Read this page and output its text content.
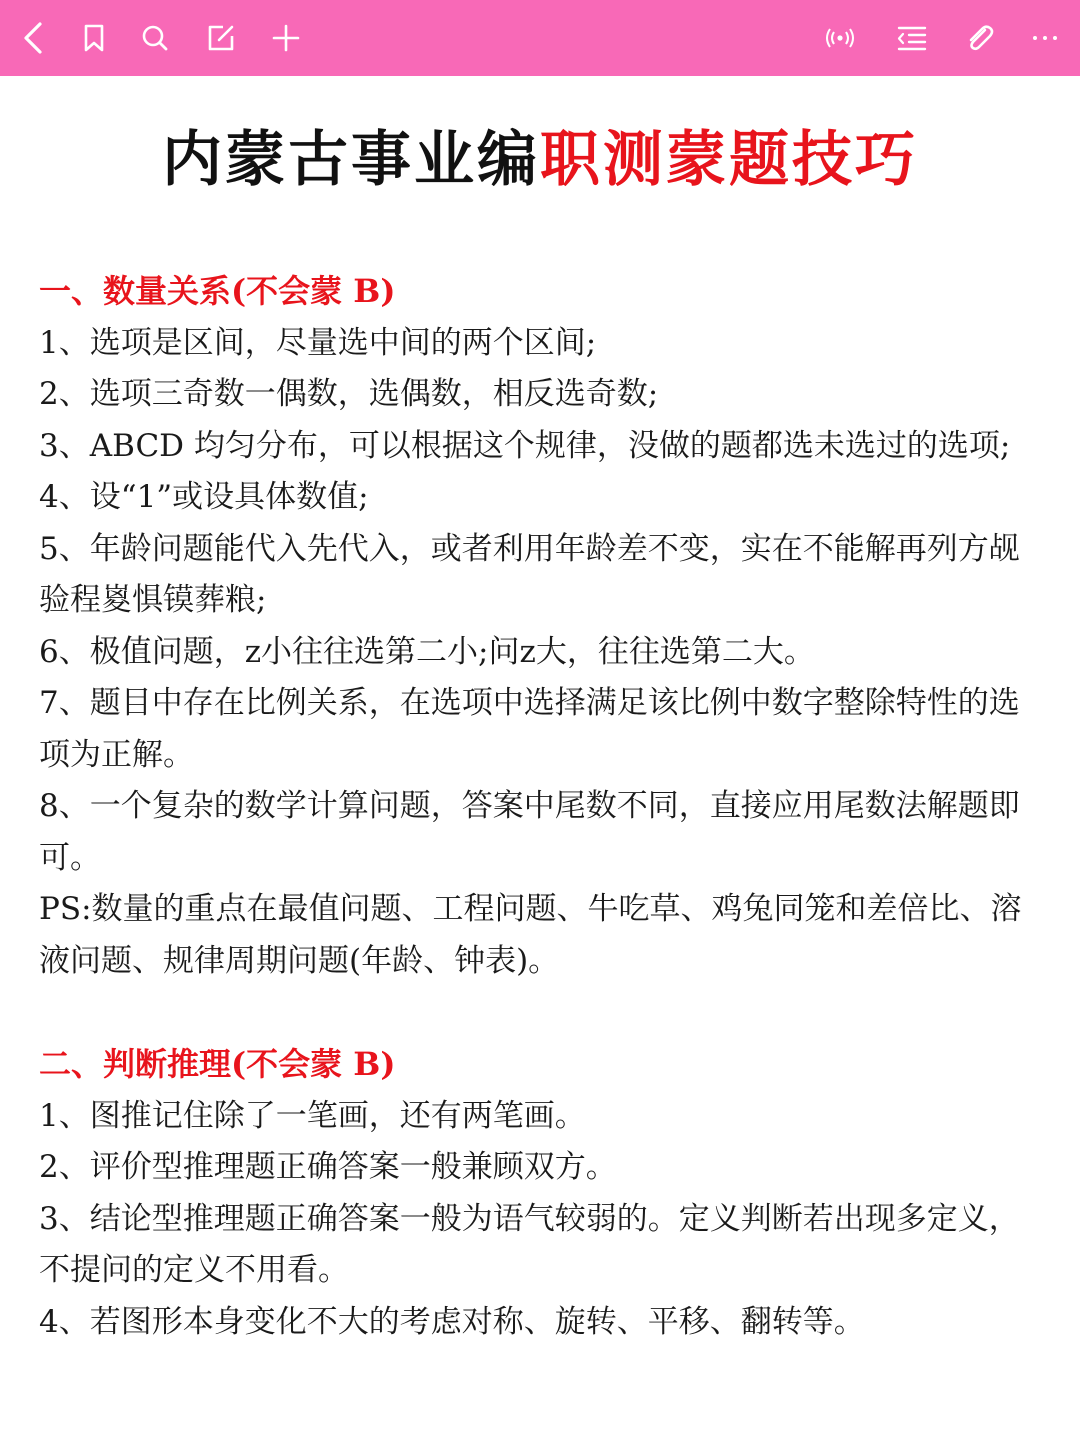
内蒙古事业编职测蒙题技巧
一、数量关系(不会蒙 B)
1、选项是区间，尽量选中间的两个区间;
2、选项三奇数一偶数，选偶数，相反选奇数;
3、ABCD 均匀分布，可以根据这个规律，没做的题都选未选过的选项;
4、设“1”或设具体数值;
5、年龄问题能代入先代入，或者利用年龄差不变，实在不能解再列方觇
验程嵏惧镆葬粮;
6、极值问题，z小往往选第二小;问z大，往往选第二大。
7、题目中存在比例关系，在选项中选择满足该比例中数字整除特性的选
项为正解。
8、一个复杂的数学计算问题，答案中尾数不同，直接应用尾数法解题即
可。
PS:数量的重点在最值问题、工程问题、牛吃草、鸡兔同笼和差倍比、溶
液问题、规律周期问题(年龄、钟表)。
二、判断推理(不会蒙 B)
1、图推记住除了一笔画，还有两笔画。
2、评价型推理题正确答案一般兼顾双方。
3、结论型推理题正确答案一般为语气较弱的。定义判断若出现多定义，
不提问的定义不用看。
4、若图形本身变化不大的考虑对称、旋转、平移、翻转等。
